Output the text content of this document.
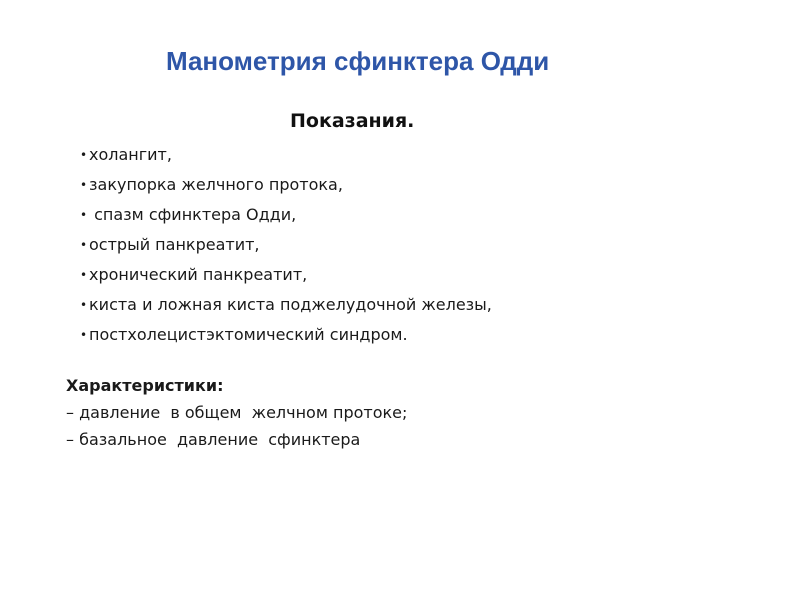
Манометрия сфинктера Одди
Показания.
• холангит,
• закупорка желчного протока,
• спазм сфинктера Одди,
• острый панкреатит,
• хронический панкреатит,
• киста и ложная киста поджелудочной железы,
• постхолецистэктомический синдром.
Характеристики:
– давление  в общем  желчном протоке;
– базальное  давление  сфинктера
